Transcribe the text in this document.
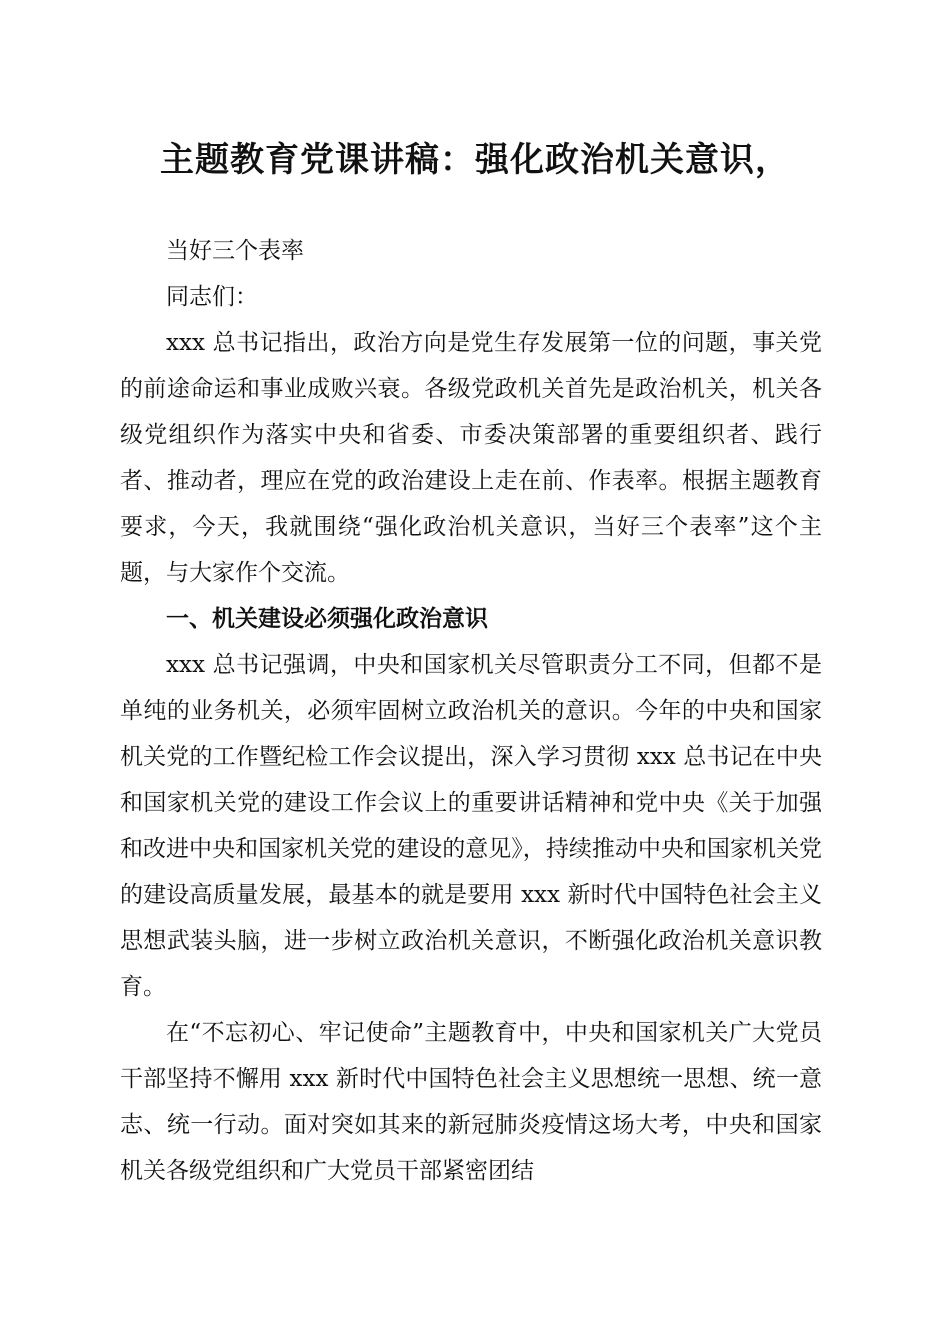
主题教育党课讲稿：强化政治机关意识，

当好三个表率

同志们：

xxx 总书记指出，政治方向是党生存发展第一位的问题，事关党的前途命运和事业成败兴衰。各级党政机关首先是政治机关，机关各级党组织作为落实中央和省委、市委决策部署的重要组织者、践行者、推动者，理应在党的政治建设上走在前、作表率。根据主题教育要求，今天，我就围绕“强化政治机关意识，当好三个表率”这个主题，与大家作个交流。

一、机关建设必须强化政治意识

xxx 总书记强调，中央和国家机关尽管职责分工不同，但都不是单纯的业务机关，必须牢固树立政治机关的意识。今年的中央和国家机关党的工作暨纪检工作会议提出，深入学习贯彻 xxx 总书记在中央和国家机关党的建设工作会议上的重要讲话精神和党中央《关于加强和改进中央和国家机关党的建设的意见》，持续推动中央和国家机关党的建设高质量发展，最基本的就是要用 xxx 新时代中国特色社会主义思想武装头脑，进一步树立政治机关意识，不断强化政治机关意识教育。

在“不忘初心、牢记使命”主题教育中，中央和国家机关广大党员干部坚持不懈用 xxx 新时代中国特色社会主义思想统一思想、统一意志、统一行动。面对突如其来的新冠肺炎疫情这场大考，中央和国家机关各级党组织和广大党员干部紧密团结
